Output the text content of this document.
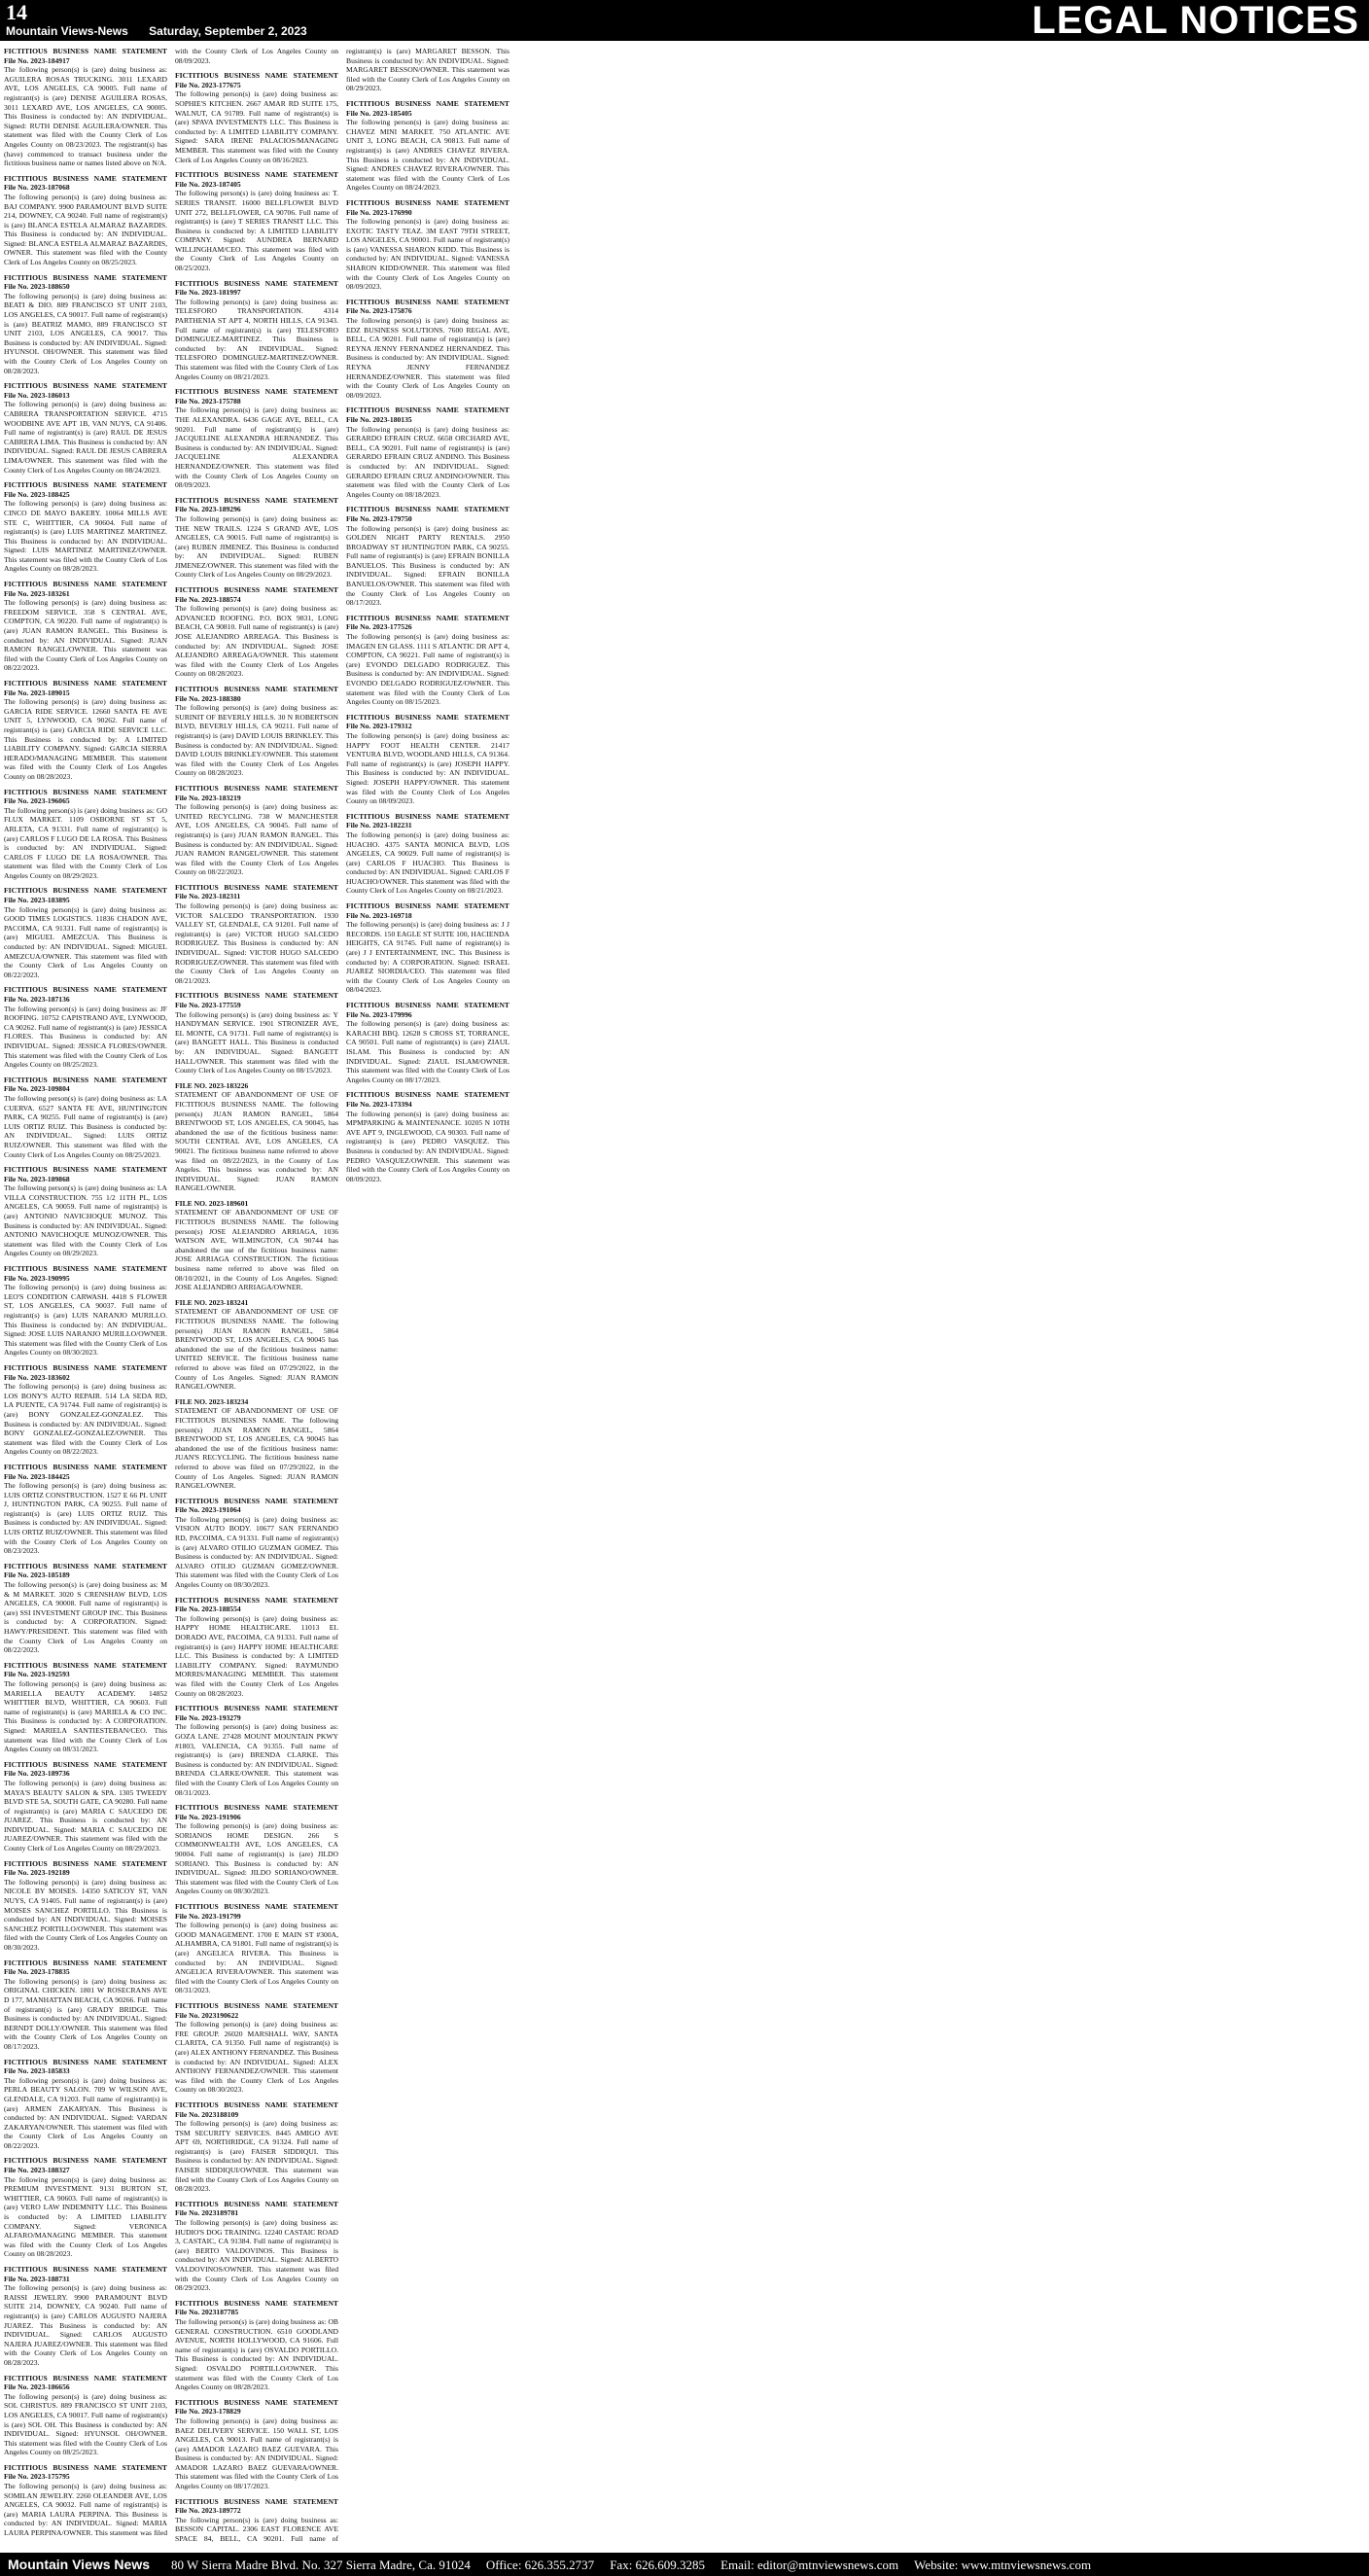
14
Mountain Views-News Saturday, September 2, 2023	LEGAL NOTICES

FICTITIOUS BUSINESS NAME STATEMENT File No. 2023-184917

The following person(s) is (are) doing business as: AGUILERA ROSAS TRUCKING. 3011 LEXARD AVE, LOS ANGELES, CA 90005. Full name of registrant(s) is (are) DENISE AGUILERA ROSAS, 3011 LEXARD AVE, LOS ANGELES, CA 90005. This Business is conducted by: AN INDIVIDUAL. Signed: RUTH DENISE AGUILERA/OWNER. This statement was filed with the County Clerk of Los Angeles County on 08/23/2023. The registrant(s) has (have) commenced to transact business under the fictitious business name or names listed above on N/A.

FICTITIOUS BUSINESS NAME STATEMENT File No. 2023-187068

The following person(s) is (are) doing business as: BAJ COMPANY. 9900 PARAMOUNT BLVD SUITE 214, DOWNEY, CA 90240. Full name of registrant(s) is (are) BLANCA ESTELA ALMARAZ BAZARDIS. This Business is conducted by: AN INDIVIDUAL. Signed: BLANCA ESTELA ALMARAZ BAZARDIS, OWNER. This statement was filed with the County Clerk of Los Angeles County on 08/25/2023.

FICTITIOUS BUSINESS NAME STATEMENT File No. 2023-188650

The following person(s) is (are) doing business as: BEATI & DIO. 889 FRANCISCO ST UNIT 2103, LOS ANGELES, CA 90017. Full name of registrant(s) is (are) BEATRIZ MAMO, 889 FRANCISCO ST UNIT 2103, LOS ANGELES, CA 90017. This Business is conducted by: AN INDIVIDUAL. Signed: HYUNSOL OH/OWNER. This statement was filed with the County Clerk of Los Angeles County on 08/28/2023.

FICTITIOUS BUSINESS NAME STATEMENT File No. 2023-186013

The following person(s) is (are) doing business as: CABRERA TRANSPORTATION SERVICE. 4715 WOODBINE AVE APT 1B, VAN NUYS, CA 91406. Full name of registrant(s) is (are) RAUL DE JESUS CABRERA LIMA. This Business is conducted by: AN INDIVIDUAL. Signed: RAUL DE JESUS CABRERA LIMA/OWNER. This statement was filed with the County Clerk of Los Angeles County on 08/24/2023.

FICTITIOUS BUSINESS NAME STATEMENT File No. 2023-188425

The following person(s) is (are) doing business as: CINCO DE MAYO BAKERY. 10064 MILLS AVE STE C, WHITTIER, CA 90604. Full name of registrant(s) is (are) LUIS MARTINEZ MARTINEZ. This Business is conducted by: AN INDIVIDUAL. Signed: LUIS MARTINEZ MARTINEZ/OWNER. This statement was filed with the County Clerk of Los Angeles County on 08/28/2023.

FICTITIOUS BUSINESS NAME STATEMENT File No. 2023-183261

The following person(s) is (are) doing business as: FREEDOM SERVICE. 358 S CENTRAL AVE, COMPTON, CA 90220. Full name of registrant(s) is (are) JUAN RAMON RANGEL. This Business is conducted by: AN INDIVIDUAL. Signed: JUAN RAMON RANGEL/OWNER. This statement was filed with the County Clerk of Los Angeles County on 08/22/2023.

FICTITIOUS BUSINESS NAME STATEMENT File No. 2023-189015

The following person(s) is (are) doing business as: GARCIA RIDE SERVICE. 12660 SANTA FE AVE UNIT 5, LYNWOOD, CA 90262. Full name of registrant(s) is (are) GARCIA RIDE SERVICE LLC. This Business is conducted by: A LIMITED LIABILITY COMPANY. Signed: GARCIA SIERRA HERADO/MANAGING MEMBER. This statement was filed with the County Clerk of Los Angeles County on 08/28/2023.

FICTITIOUS BUSINESS NAME STATEMENT File No. 2023-196065

The following person(s) is (are) doing business as: GO FLUX MARKET. 1109 OSBORNE ST ST 5, ARLETA, CA 91331. Full name of registrant(s) is (are) CARLOS F LUGO DE LA ROSA. This Business is conducted by: AN INDIVIDUAL. Signed: CARLOS F LUGO DE LA ROSA/OWNER. This statement was filed with the County Clerk of Los Angeles County on 08/29/2023.

FICTITIOUS BUSINESS NAME STATEMENT File No. 2023-183895

The following person(s) is (are) doing business as: GOOD TIMES LOGISTICS. 11836 CHADON AVE, PACOIMA, CA 91331. Full name of registrant(s) is (are) MIGUEL AMEZCUA. This Business is conducted by: AN INDIVIDUAL. Signed: MIGUEL AMEZCUA/OWNER. This statement was filed with the County Clerk of Los Angeles County on 08/22/2023.

FICTITIOUS BUSINESS NAME STATEMENT File No. 2023-187136

The following person(s) is (are) doing business as: JF ROOFING. 10752 CAPISTRANO AVE, LYNWOOD, CA 90262. Full name of registrant(s) is (are) JESSICA FLORES. This Business is conducted by: AN INDIVIDUAL. Signed: JESSICA FLORES/OWNER. This statement was filed with the County Clerk of Los Angeles County on 08/25/2023.

FICTITIOUS BUSINESS NAME STATEMENT File No. 2023-109804

The following person(s) is (are) doing business as: LA CUERVA. 6527 SANTA FE AVE, HUNTINGTON PARK, CA 90255. Full name of registrant(s) is (are) LUIS ORTIZ RUIZ. This Business is conducted by: AN INDIVIDUAL. Signed: LUIS ORTIZ RUIZ/OWNER. This statement was filed with the County Clerk of Los Angeles County on 08/25/2023.

FICTITIOUS BUSINESS NAME STATEMENT File No. 2023-189868

The following person(s) is (are) doing business as: LA VILLA CONSTRUCTION. 755 1/2 11TH PL, LOS ANGELES, CA 90059. Full name of registrant(s) is (are) ANTONIO NAVICHOQUE MUNOZ. This Business is conducted by: AN INDIVIDUAL. Signed: ANTONIO NAVICHOQUE MUNOZ/OWNER. This statement was filed with the County Clerk of Los Angeles County on 08/29/2023.

FICTITIOUS BUSINESS NAME STATEMENT File No. 2023-190995

The following person(s) is (are) doing business as: LEO'S CONDITION CARWASH. 4418 S FLOWER ST, LOS ANGELES, CA 90037. Full name of registrant(s) is (are) LUIS NARANJO MURILLO. This Business is conducted by: AN INDIVIDUAL. Signed: JOSE LUIS NARANJO MURILLO/OWNER. This statement was filed with the County Clerk of Los Angeles County on 08/30/2023.

FICTITIOUS BUSINESS NAME STATEMENT File No. 2023-183602

The following person(s) is (are) doing business as: LOS BONY'S AUTO REPAIR. 514 LA SEDA RD, LA PUENTE, CA 91744. Full name of registrant(s) is (are) BONY GONZALEZ-GONZALEZ. This Business is conducted by: AN INDIVIDUAL. Signed: BONY GONZALEZ-GONZALEZ/OWNER. This statement was filed with the County Clerk of Los Angeles County on 08/22/2023.

FICTITIOUS BUSINESS NAME STATEMENT File No. 2023-184425

The following person(s) is (are) doing business as: LUIS ORTIZ CONSTRUCTION. 1527 E 66 PL UNIT J, HUNTINGTON PARK, CA 90255. Full name of registrant(s) is (are) LUIS ORTIZ RUIZ. This Business is conducted by: AN INDIVIDUAL. Signed: LUIS ORTIZ RUIZ/OWNER. This statement was filed with the County Clerk of Los Angeles County on 08/23/2023.

FICTITIOUS BUSINESS NAME STATEMENT File No. 2023-185189

The following person(s) is (are) doing business as: M & M MARKET. 3020 S CRENSHAW BLVD, LOS ANGELES, CA 90008. Full name of registrant(s) is (are) SSI INVESTMENT GROUP INC. This Business is conducted by: A CORPORATION. Signed: HAWY/PRESIDENT. This statement was filed with the County Clerk of Los Angeles County on 08/22/2023.

FICTITIOUS BUSINESS NAME STATEMENT File No. 2023-192593

The following person(s) is (are) doing business as: MARIELLA BEAUTY ACADEMY. 14852 WHITTIER BLVD, WHITTIER, CA 90603. Full name of registrant(s) is (are) MARIELA & CO INC. This Business is conducted by: A CORPORATION. Signed: MARIELA SANTIESTEBAN/CEO. This statement was filed with the County Clerk of Los Angeles County on 08/31/2023.

FICTITIOUS BUSINESS NAME STATEMENT File No. 2023-189736

The following person(s) is (are) doing business as: MAYA'S BEAUTY SALON & SPA. 1305 TWEEDY BLVD STE 5A, SOUTH GATE, CA 90280. Full name of registrant(s) is (are) MARIA C SAUCEDO DE JUAREZ. This Business is conducted by: AN INDIVIDUAL. Signed: MARIA C SAUCEDO DE JUAREZ/OWNER. This statement was filed with the County Clerk of Los Angeles County on 08/29/2023.

FICTITIOUS BUSINESS NAME STATEMENT File No. 2023-192189

The following person(s) is (are) doing business as: NICOLE BY MOISES. 14350 SATICOY ST, VAN NUYS, CA 91405. Full name of registrant(s) is (are) MOISES SANCHEZ PORTILLO. This Business is conducted by: AN INDIVIDUAL. Signed: MOISES SANCHEZ PORTILLO/OWNER. This statement was filed with the County Clerk of Los Angeles County on 08/30/2023.

FICTITIOUS BUSINESS NAME STATEMENT File No. 2023-178835

The following person(s) is (are) doing business as: ORIGINAL CHICKEN. 1801 W ROSECRANS AVE D 177, MANHATTAN BEACH, CA 90266. Full name of registrant(s) is (are) GRADY BRIDGE. This Business is conducted by: AN INDIVIDUAL. Signed: BERNDT DOLLY/OWNER. This statement was filed with the County Clerk of Los Angeles County on 08/17/2023.

FICTITIOUS BUSINESS NAME STATEMENT File No. 2023-185833

The following person(s) is (are) doing business as: PERLA BEAUTY SALON. 709 W WILSON AVE, GLENDALE, CA 91203. Full name of registrant(s) is (are) ARMEN ZAKARYAN. This Business is conducted by: AN INDIVIDUAL. Signed: VARDAN ZAKARYAN/OWNER. This statement was filed with the County Clerk of Los Angeles County on 08/22/2023.

FICTITIOUS BUSINESS NAME STATEMENT File No. 2023-188327

The following person(s) is (are) doing business as: PREMIUM INVESTMENT. 9131 BURTON ST, WHITTIER, CA 90603. Full name of registrant(s) is (are) VERO LAW INDEMNITY LLC. This Business is conducted by: A LIMITED LIABILITY COMPANY. Signed: VERONICA ALFARO/MANAGING MEMBER. This statement was filed with the County Clerk of Los Angeles County on 08/28/2023.

FICTITIOUS BUSINESS NAME STATEMENT File No. 2023-188731

The following person(s) is (are) doing business as: RAISSI JEWELRY. 9900 PARAMOUNT BLVD SUITE 214, DOWNEY, CA 90240. Full name of registrant(s) is (are) CARLOS AUGUSTO NAJERA JUAREZ. This Business is conducted by: AN INDIVIDUAL. Signed: CARLOS AUGUSTO NAJERA JUAREZ/OWNER. This statement was filed with the County Clerk of Los Angeles County on 08/28/2023.

FICTITIOUS BUSINESS NAME STATEMENT File No. 2023-186656

The following person(s) is (are) doing business as: SOL CHRISTUS. 889 FRANCISCO ST UNIT 2103, LOS ANGELES, CA 90017. Full name of registrant(s) is (are) SOL OH. This Business is conducted by: AN INDIVIDUAL. Signed: HYUNSOL OH/OWNER. This statement was filed with the County Clerk of Los Angeles County on 08/25/2023.

FICTITIOUS BUSINESS NAME STATEMENT File No. 2023-175795

The following person(s) is (are) doing business as: SOMILAN JEWELRY. 2260 OLEANDER AVE, LOS ANGELES, CA 90032. Full name of registrant(s) is (are) MARIA LAURA PERPINA. This Business is conducted by: AN INDIVIDUAL. Signed: MARIA LAURA PERPINA/OWNER. This statement was filed with the County Clerk of Los Angeles County on 08/09/2023.

FICTITIOUS BUSINESS NAME STATEMENT File No. 2023-177675

The following person(s) is (are) doing business as: SOPHIE'S KITCHEN. 2667 AMAR RD SUITE 175, WALNUT, CA 91789. Full name of registrant(s) is (are) SPAVA INVESTMENTS LLC. This Business is conducted by: A LIMITED LIABILITY COMPANY. Signed: SARA IRENE PALACIOS/MANAGING MEMBER. This statement was filed with the County Clerk of Los Angeles County on 08/16/2023.

FICTITIOUS BUSINESS NAME STATEMENT File No. 2023-187405

The following person(s) is (are) doing business as: T. SERIES TRANSIT. 16000 BELLFLOWER BLVD UNIT 272, BELLFLOWER, CA 90706. Full name of registrant(s) is (are) T SERIES TRANSIT LLC. This Business is conducted by: A LIMITED LIABILITY COMPANY. Signed: AUNDREA BERNARD WILLINGHAM/CEO. This statement was filed with the County Clerk of Los Angeles County on 08/25/2023.

FICTITIOUS BUSINESS NAME STATEMENT File No. 2023-181997

The following person(s) is (are) doing business as: TELESFORO TRANSPORTATION. 4314 PARTHENIA ST APT 4, NORTH HILLS, CA 91343. Full name of registrant(s) is (are) TELESFORO DOMINGUEZ-MARTINEZ. This Business is conducted by: AN INDIVIDUAL. Signed: TELESFORO DOMINGUEZ-MARTINEZ/OWNER. This statement was filed with the County Clerk of Los Angeles County on 08/21/2023.

FICTITIOUS BUSINESS NAME STATEMENT File No. 2023-175788

The following person(s) is (are) doing business as: THE ALEXANDRA. 6436 GAGE AVE, BELL, CA 90201. Full name of registrant(s) is (are) JACQUELINE ALEXANDRA HERNANDEZ. This Business is conducted by: AN INDIVIDUAL. Signed: JACQUELINE ALEXANDRA HERNANDEZ/OWNER. This statement was filed with the County Clerk of Los Angeles County on 08/09/2023.

FICTITIOUS BUSINESS NAME STATEMENT File No. 2023-189296

The following person(s) is (are) doing business as: THE NEW TRAILS. 1224 S GRAND AVE, LOS ANGELES, CA 90015. Full name of registrant(s) is (are) RUBEN JIMENEZ. This Business is conducted by: AN INDIVIDUAL. Signed: RUBEN JIMENEZ/OWNER. This statement was filed with the County Clerk of Los Angeles County on 08/29/2023.

FICTITIOUS BUSINESS NAME STATEMENT File No. 2023-188574

The following person(s) is (are) doing business as: ADVANCED ROOFING. P.O. BOX 9831, LONG BEACH, CA 90810. Full name of registrant(s) is (are) JOSE ALEJANDRO ARREAGA. This Business is conducted by: AN INDIVIDUAL. Signed: JOSE ALEJANDRO ARREAGA/OWNER. This statement was filed with the County Clerk of Los Angeles County on 08/28/2023.

FICTITIOUS BUSINESS NAME STATEMENT File No. 2023-188380

The following person(s) is (are) doing business as: SURINIT OF BEVERLY HILLS. 30 N ROBERTSON BLVD, BEVERLY HILLS, CA 90211. Full name of registrant(s) is (are) DAVID LOUIS BRINKLEY. This Business is conducted by: AN INDIVIDUAL. Signed: DAVID LOUIS BRINKLEY/OWNER. This statement was filed with the County Clerk of Los Angeles County on 08/28/2023.

FICTITIOUS BUSINESS NAME STATEMENT File No. 2023-183219

The following person(s) is (are) doing business as: UNITED RECYCLING. 738 W MANCHESTER AVE, LOS ANGELES, CA 90045. Full name of registrant(s) is (are) JUAN RAMON RANGEL. This Business is conducted by: AN INDIVIDUAL. Signed: JUAN RAMON RANGEL/OWNER. This statement was filed with the County Clerk of Los Angeles County on 08/22/2023.

FICTITIOUS BUSINESS NAME STATEMENT File No. 2023-182311

The following person(s) is (are) doing business as: VICTOR SALCEDO TRANSPORTATION. 1930 VALLEY ST, GLENDALE, CA 91201. Full name of registrant(s) is (are) VICTOR HUGO SALCEDO RODRIGUEZ. This Business is conducted by: AN INDIVIDUAL. Signed: VICTOR HUGO SALCEDO RODRIGUEZ/OWNER. This statement was filed with the County Clerk of Los Angeles County on 08/21/2023.

FICTITIOUS BUSINESS NAME STATEMENT File No. 2023-177559

The following person(s) is (are) doing business as: Y HANDYMAN SERVICE. 1901 STRONIZER AVE, EL MONTE, CA 91731. Full name of registrant(s) is (are) BANGETT HALL. This Business is conducted by: AN INDIVIDUAL. Signed: BANGETT HALL/OWNER. This statement was filed with the County Clerk of Los Angeles County on 08/15/2023.

FILE NO. 2023-183226

STATEMENT OF ABANDONMENT OF USE OF FICTITIOUS BUSINESS NAME. The following person(s) JUAN RAMON RANGEL, 5864 BRENTWOOD ST, LOS ANGELES, CA 90045, has abandoned the use of the fictitious business name: SOUTH CENTRAL AVE, LOS ANGELES, CA 90021. The fictitious business name referred to above was filed on 08/22/2023, in the County of Los Angeles. This business was conducted by: AN INDIVIDUAL. Signed: JUAN RAMON RANGEL/OWNER.

FILE NO. 2023-189601

STATEMENT OF ABANDONMENT OF USE OF FICTITIOUS BUSINESS NAME. The following person(s) JOSE ALEJANDRO ARRIAGA, 1036 WATSON AVE, WILMINGTON, CA 90744 has abandoned the use of the fictitious business name: JOSE ARRIAGA CONSTRUCTION. The fictitious business name referred to above was filed on 08/10/2021, in the County of Los Angeles. Signed: JOSE ALEJANDRO ARRIAGA/OWNER.

FILE NO. 2023-183241

STATEMENT OF ABANDONMENT OF USE OF FICTITIOUS BUSINESS NAME. The following person(s) JUAN RAMON RANGEL, 5864 BRENTWOOD ST, LOS ANGELES, CA 90045 has abandoned the use of the fictitious business name: UNITED SERVICE. The fictitious business name referred to above was filed on 07/29/2022, in the County of Los Angeles. Signed: JUAN RAMON RANGEL/OWNER.

FILE NO. 2023-183234

STATEMENT OF ABANDONMENT OF USE OF FICTITIOUS BUSINESS NAME. The following person(s) JUAN RAMON RANGEL, 5864 BRENTWOOD ST, LOS ANGELES, CA 90045 has abandoned the use of the fictitious business name: JUAN'S RECYCLING. The fictitious business name referred to above was filed on 07/29/2022, in the County of Los Angeles. Signed: JUAN RAMON RANGEL/OWNER.

FICTITIOUS BUSINESS NAME STATEMENT File No. 2023-191064

The following person(s) is (are) doing business as: VISION AUTO BODY. 10677 SAN FERNANDO RD, PACOIMA, CA 91331. Full name of registrant(s) is (are) ALVARO OTILIO GUZMAN GOMEZ. This Business is conducted by: AN INDIVIDUAL. Signed: ALVARO OTILIO GUZMAN GOMEZ/OWNER. This statement was filed with the County Clerk of Los Angeles County on 08/30/2023.

FICTITIOUS BUSINESS NAME STATEMENT File No. 2023-188554

The following person(s) is (are) doing business as: HAPPY HOME HEALTHCARE. 11013 EL DORADO AVE, PACOIMA, CA 91331. Full name of registrant(s) is (are) HAPPY HOME HEALTHCARE LLC. This Business is conducted by: A LIMITED LIABILITY COMPANY. Signed: RAYMUNDO MORRIS/MANAGING MEMBER. This statement was filed with the County Clerk of Los Angeles County on 08/28/2023.

FICTITIOUS BUSINESS NAME STATEMENT File No. 2023-193279

The following person(s) is (are) doing business as: GOZA LANE. 27428 MOUNT MOUNTAIN PKWY #1803, VALENCIA, CA 91355. Full name of registrant(s) is (are) BRENDA CLARKE. This Business is conducted by: AN INDIVIDUAL. Signed: BRENDA CLARKE/OWNER. This statement was filed with the County Clerk of Los Angeles County on 08/31/2023.

FICTITIOUS BUSINESS NAME STATEMENT File No. 2023-191906

The following person(s) is (are) doing business as: SORIANOS HOME DESIGN. 266 S COMMONWEALTH AVE, LOS ANGELES, CA 90004. Full name of registrant(s) is (are) JILDO SORIANO. This Business is conducted by: AN INDIVIDUAL. Signed: JILDO SORIANO/OWNER. This statement was filed with the County Clerk of Los Angeles County on 08/30/2023.

FICTITIOUS BUSINESS NAME STATEMENT File No. 2023-191799

The following person(s) is (are) doing business as: GOOD MANAGEMENT. 1700 E MAIN ST #300A, ALHAMBRA, CA 91801. Full name of registrant(s) is (are) ANGELICA RIVERA. This Business is conducted by: AN INDIVIDUAL. Signed: ANGELICA RIVERA/OWNER. This statement was filed with the County Clerk of Los Angeles County on 08/31/2023.

FICTITIOUS BUSINESS NAME STATEMENT File No. 2023190622

The following person(s) is (are) doing business as: FRE GROUP. 26020 MARSHALL WAY, SANTA CLARITA, CA 91350. Full name of registrant(s) is (are) ALEX ANTHONY FERNANDEZ. This Business is conducted by: AN INDIVIDUAL. Signed: ALEX ANTHONY FERNANDEZ/OWNER. This statement was filed with the County Clerk of Los Angeles County on 08/30/2023.

FICTITIOUS BUSINESS NAME STATEMENT File No. 2023188109

The following person(s) is (are) doing business as: TSM SECURITY SERVICES. 8445 AMIGO AVE APT 69, NORTHRIDGE, CA 91324. Full name of registrant(s) is (are) FAISER SIDDIQUI. This Business is conducted by: AN INDIVIDUAL. Signed: FAISER SIDDIQUI/OWNER. This statement was filed with the County Clerk of Los Angeles County on 08/28/2023.

FICTITIOUS BUSINESS NAME STATEMENT File No. 2023189781

The following person(s) is (are) doing business as: HUDIO'S DOG TRAINING. 12240 CASTAIC ROAD 3, CASTAIC, CA 91384. Full name of registrant(s) is (are) BERTO VALDOVINOS. This Business is conducted by: AN INDIVIDUAL. Signed: ALBERTO VALDOVINOS/OWNER. This statement was filed with the County Clerk of Los Angeles County on 08/29/2023.

FICTITIOUS BUSINESS NAME STATEMENT File No. 2023187785

The following person(s) is (are) doing business as: OB GENERAL CONSTRUCTION. 6510 GOODLAND AVENUE, NORTH HOLLYWOOD, CA 91606. Full name of registrant(s) is (are) OSVALDO PORTILLO. This Business is conducted by: AN INDIVIDUAL. Signed: OSVALDO PORTILLO/OWNER. This statement was filed with the County Clerk of Los Angeles County on 08/28/2023.

FICTITIOUS BUSINESS NAME STATEMENT File No. 2023-178829

The following person(s) is (are) doing business as: BAEZ DELIVERY SERVICE. 150 WALL ST, LOS ANGELES, CA 90013. Full name of registrant(s) is (are) AMADOR LAZARO BAEZ GUEVARA. This Business is conducted by: AN INDIVIDUAL. Signed: AMADOR LAZARO BAEZ GUEVARA/OWNER. This statement was filed with the County Clerk of Los Angeles County on 08/17/2023.

FICTITIOUS BUSINESS NAME STATEMENT File No. 2023-189772

The following person(s) is (are) doing business as: BESSON CAPITAL. 2306 EAST FLORENCE AVE SPACE 84, BELL, CA 90201. Full name of registrant(s) is (are) MARGARET BESSON. This Business is conducted by: AN INDIVIDUAL. Signed: MARGARET BESSON/OWNER. This statement was filed with the County Clerk of Los Angeles County on 08/29/2023.

FICTITIOUS BUSINESS NAME STATEMENT File No. 2023-185405

The following person(s) is (are) doing business as: CHAVEZ MINI MARKET. 750 ATLANTIC AVE UNIT 3, LONG BEACH, CA 90813. Full name of registrant(s) is (are) ANDRES CHAVEZ RIVERA. This Business is conducted by: AN INDIVIDUAL. Signed: ANDRES CHAVEZ RIVERA/OWNER. This statement was filed with the County Clerk of Los Angeles County on 08/24/2023.

FICTITIOUS BUSINESS NAME STATEMENT File No. 2023-176990

The following person(s) is (are) doing business as: EXOTIC TASTY TEAZ. 3M EAST 79TH STREET, LOS ANGELES, CA 90001. Full name of registrant(s) is (are) VANESSA SHARON KIDD. This Business is conducted by: AN INDIVIDUAL. Signed: VANESSA SHARON KIDD/OWNER. This statement was filed with the County Clerk of Los Angeles County on 08/09/2023.

FICTITIOUS BUSINESS NAME STATEMENT File No. 2023-175876

The following person(s) is (are) doing business as: EDZ BUSINESS SOLUTIONS. 7600 REGAL AVE, BELL, CA 90201. Full name of registrant(s) is (are) REYNA JENNY FERNANDEZ HERNANDEZ. This Business is conducted by: AN INDIVIDUAL. Signed: REYNA JENNY FERNANDEZ HERNANDEZ/OWNER. This statement was filed with the County Clerk of Los Angeles County on 08/09/2023.

FICTITIOUS BUSINESS NAME STATEMENT File No. 2023-180135

The following person(s) is (are) doing business as: GERARDO EFRAIN CRUZ. 6658 ORCHARD AVE, BELL, CA 90201. Full name of registrant(s) is (are) GERARDO EFRAIN CRUZ ANDINO. This Business is conducted by: AN INDIVIDUAL. Signed: GERARDO EFRAIN CRUZ ANDINO/OWNER. This statement was filed with the County Clerk of Los Angeles County on 08/18/2023.

FICTITIOUS BUSINESS NAME STATEMENT File No. 2023-179750

The following person(s) is (are) doing business as: GOLDEN NIGHT PARTY RENTALS. 2950 BROADWAY ST HUNTINGTON PARK, CA 90255. Full name of registrant(s) is (are) EFRAIN BONILLA BANUELOS. This Business is conducted by: AN INDIVIDUAL. Signed: EFRAIN BONILLA BANUELOS/OWNER. This statement was filed with the County Clerk of Los Angeles County on 08/17/2023.

FICTITIOUS BUSINESS NAME STATEMENT File No. 2023-177526

The following person(s) is (are) doing business as: IMAGEN EN GLASS. 1111 S ATLANTIC DR APT 4, COMPTON, CA 90221. Full name of registrant(s) is (are) EVONDO DELGADO RODRIGUEZ. This Business is conducted by: AN INDIVIDUAL. Signed: EVONDO DELGADO RODRIGUEZ/OWNER. This statement was filed with the County Clerk of Los Angeles County on 08/15/2023.

FICTITIOUS BUSINESS NAME STATEMENT File No. 2023-179312

The following person(s) is (are) doing business as: HAPPY FOOT HEALTH CENTER. 21417 VENTURA BLVD, WOODLAND HILLS, CA 91364. Full name of registrant(s) is (are) JOSEPH HAPPY. This Business is conducted by: AN INDIVIDUAL. Signed: JOSEPH HAPPY/OWNER. This statement was filed with the County Clerk of Los Angeles County on 08/09/2023.

FICTITIOUS BUSINESS NAME STATEMENT File No. 2023-182231

The following person(s) is (are) doing business as: HUACHO. 4375 SANTA MONICA BLVD, LOS ANGELES, CA 90029. Full name of registrant(s) is (are) CARLOS F HUACHO. This Business is conducted by: AN INDIVIDUAL. Signed: CARLOS F HUACHO/OWNER. This statement was filed with the County Clerk of Los Angeles County on 08/21/2023.

FICTITIOUS BUSINESS NAME STATEMENT File No. 2023-169718

The following person(s) is (are) doing business as: J J RECORDS. 150 EAGLE ST SUITE 100, HACIENDA HEIGHTS, CA 91745. Full name of registrant(s) is (are) J J ENTERTAINMENT, INC. This Business is conducted by: A CORPORATION. Signed: ISRAEL JUAREZ SIORDIA/CEO. This statement was filed with the County Clerk of Los Angeles County on 08/04/2023.

FICTITIOUS BUSINESS NAME STATEMENT File No. 2023-179996

The following person(s) is (are) doing business as: KARACHI BBQ. 12628 S CROSS ST, TORRANCE, CA 90501. Full name of registrant(s) is (are) ZIAUL ISLAM. This Business is conducted by: AN INDIVIDUAL. Signed: ZIAUL ISLAM/OWNER. This statement was filed with the County Clerk of Los Angeles County on 08/17/2023.

FICTITIOUS BUSINESS NAME STATEMENT File No. 2023-173394

The following person(s) is (are) doing business as: MPMPARKING & MAINTENANCE. 10205 N 10TH AVE APT 9, INGLEWOOD, CA 90303. Full name of registrant(s) is (are) PEDRO VASQUEZ. This Business is conducted by: AN INDIVIDUAL. Signed: PEDRO VASQUEZ/OWNER. This statement was filed with the County Clerk of Los Angeles County on 08/09/2023.

Mountain Views News 80 W Sierra Madre Blvd. No. 327 Sierra Madre, Ca. 91024 Office: 626.355.2737 Fax: 626.609.3285 Email: editor@mtnviewsnews.com Website: www.mtnviewsnews.com
